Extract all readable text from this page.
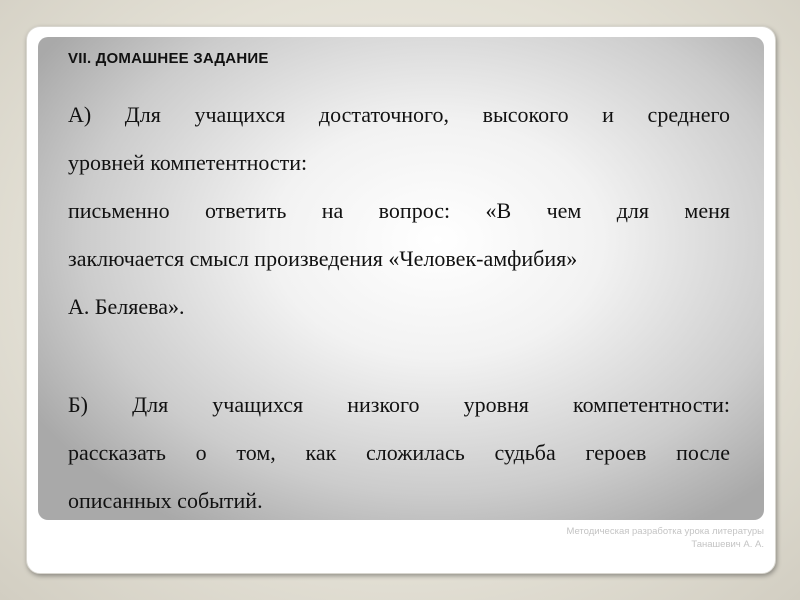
VII. ДОМАШНЕЕ ЗАДАНИЕ
А) Для учащихся достаточного, высокого и среднего
уровней компетентности:
письменно ответить на вопрос: «В чем для меня
заключается смысл произведения «Человек-амфибия»
А. Беляева».
Б) Для учащихся низкого уровня компетентности:
рассказать о том, как сложилась судьба героев после
описанных событий.
Методическая разработка урока литературы
Танашевич А. А.
